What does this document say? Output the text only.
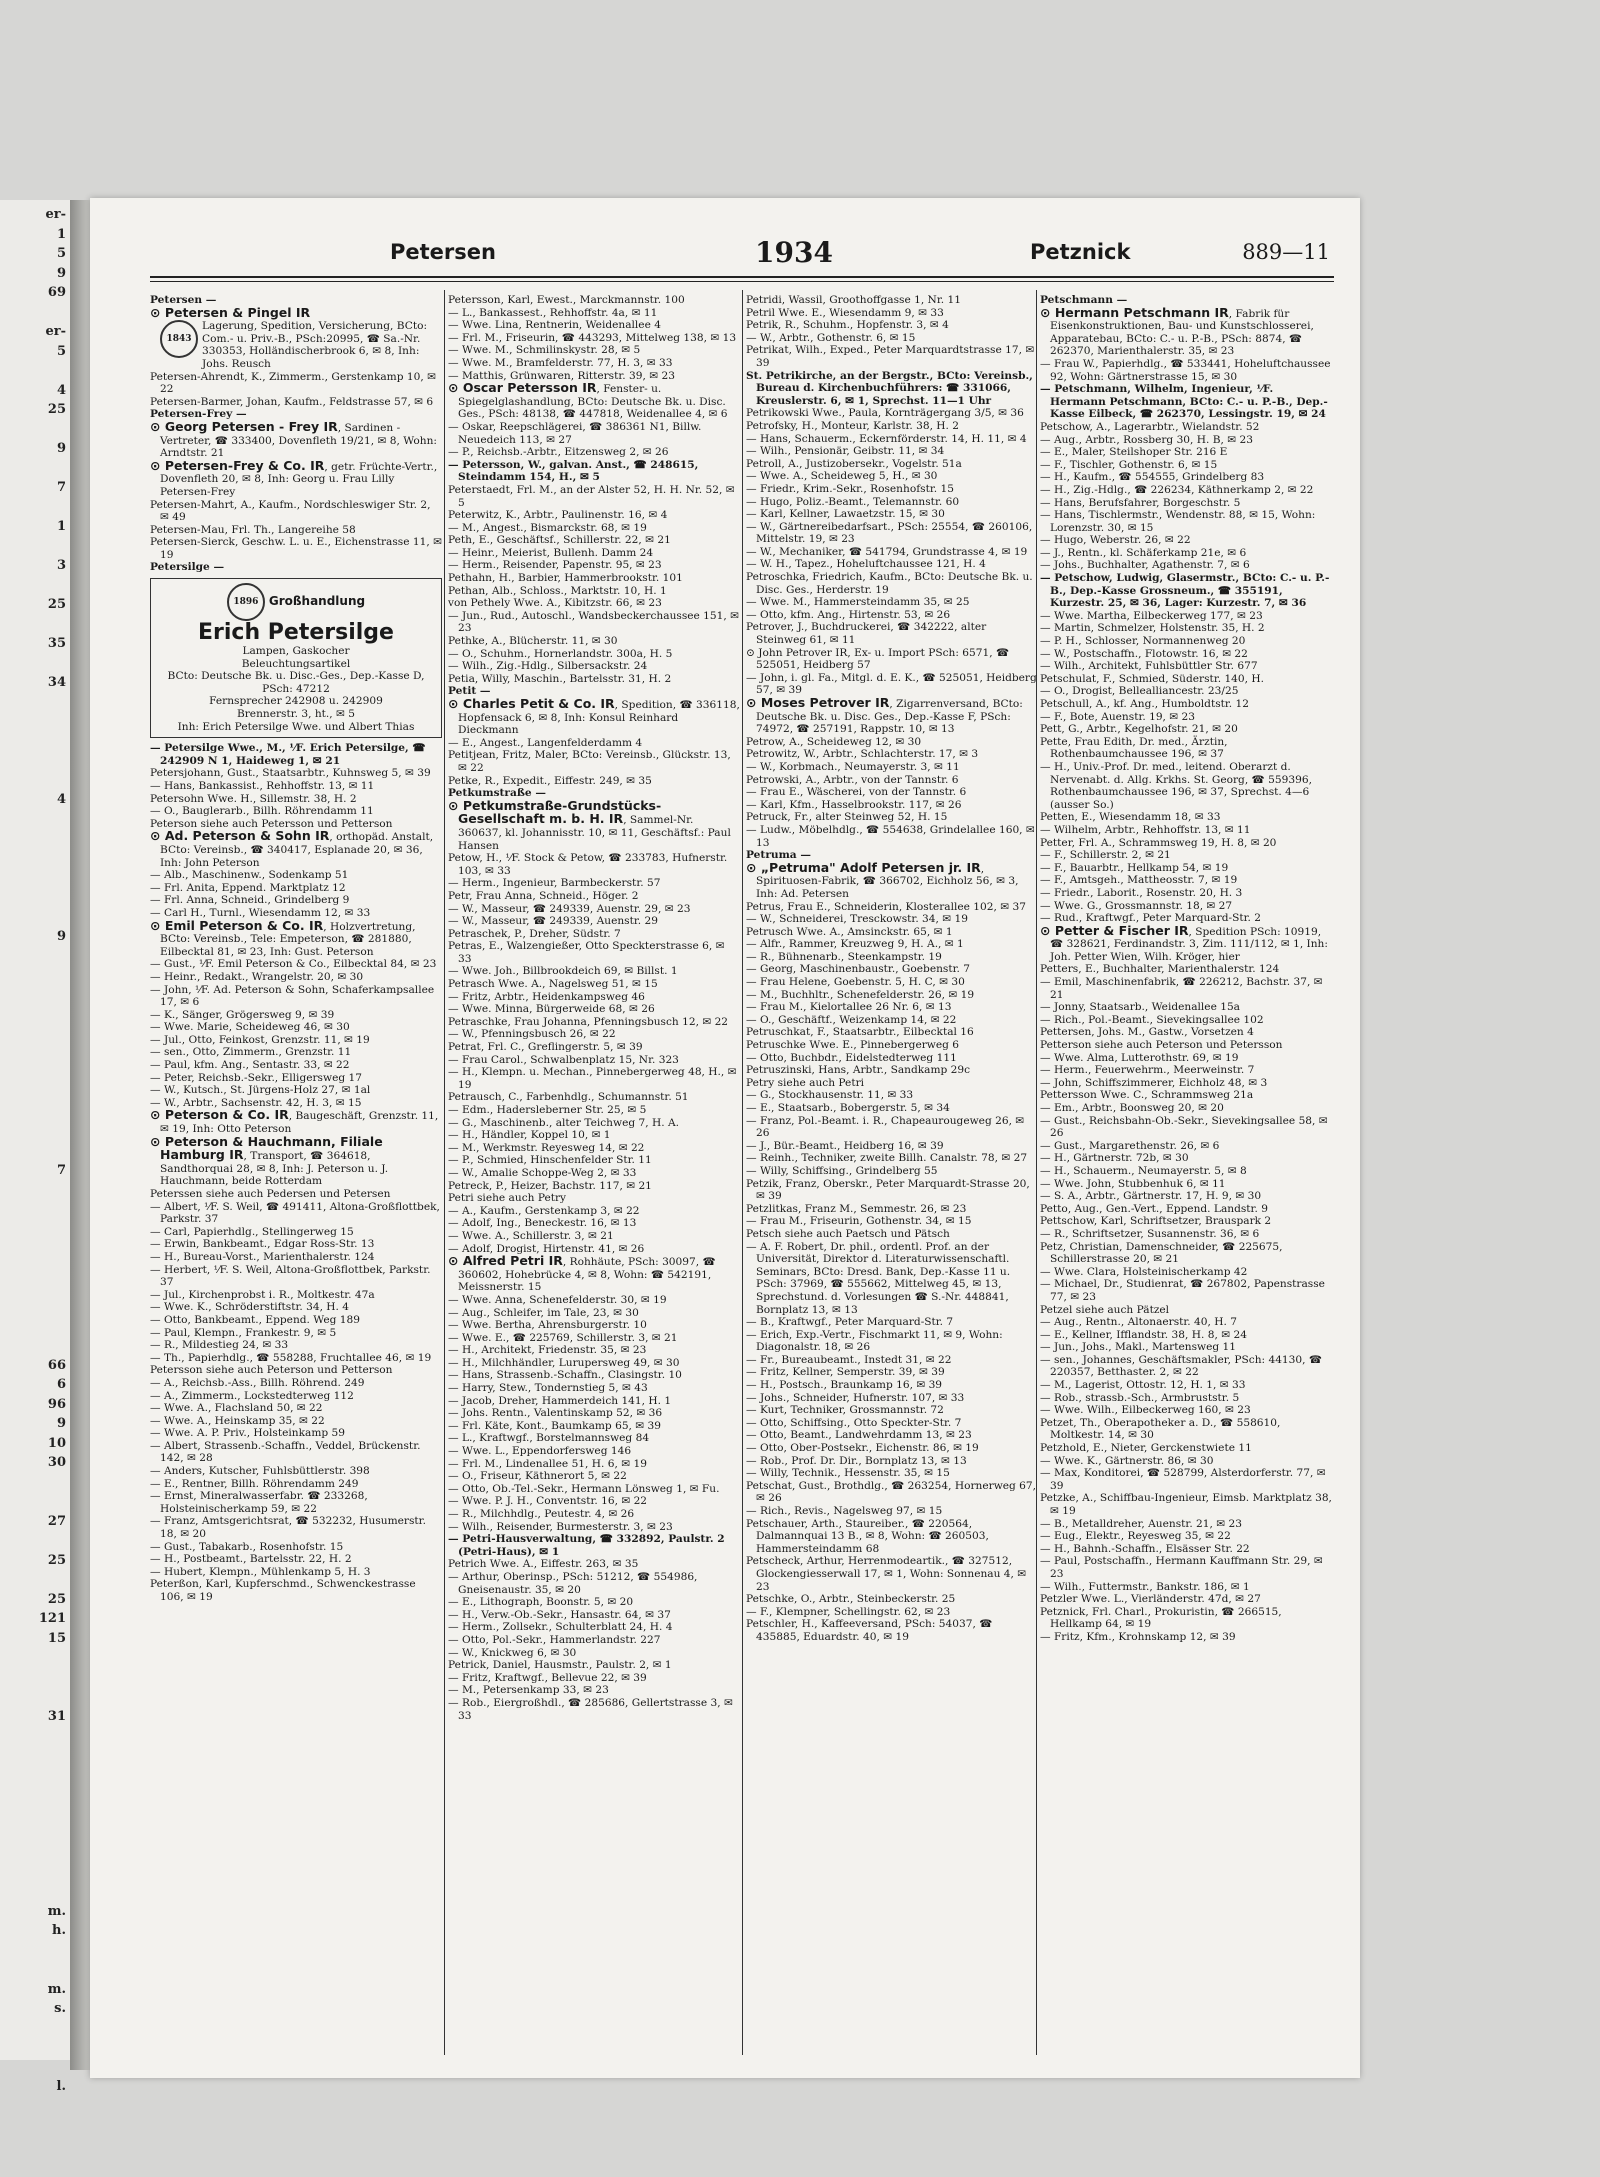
er-
1
5
9
69
er-
5
4
25
9
7
1
3
25
35
34
4
9
7
66
6
96
9
10
30
27
25
25
121
15
31
m.
h.
m.
s.
l.
Petersen	1934	Petznick	889—11

Petersen —

⊙ Petersen & Pingel IR

1843
Lagerung, Spedition, Versicherung, BCto: Com.- u. Priv.-B., PSch:20995, ☎ Sa.-Nr. 330353, Holländischerbrook 6, ✉ 8, Inh: Johs. Reusch

Petersen-Ahrendt, K., Zimmerm., Gerstenkamp 10, ✉ 22

Petersen-Barmer, Johan, Kaufm., Feldstrasse 57, ✉ 6

Petersen-Frey —

⊙ Georg Petersen - Frey IR, Sardinen - Vertreter, ☎ 333400, Dovenfleth 19/21, ✉ 8, Wohn: Arndtstr. 21

⊙ Petersen-Frey & Co. IR, getr. Früchte-Vertr., Dovenfleth 20, ✉ 8, Inh: Georg u. Frau Lilly Petersen-Frey

Petersen-Mahrt, A., Kaufm., Nordschleswiger Str. 2, ✉ 49

Petersen-Mau, Frl. Th., Langereihe 58

Petersen-Sierck, Geschw. L. u. E., Eichenstrasse 11, ✉ 19

Petersilge —

1896 Großhandlung
Erich Petersilge
Lampen, Gaskocher
Beleuchtungsartikel
BCto: Deutsche Bk. u. Disc.-Ges., Dep.-Kasse D, PSch: 47212
Fernsprecher 242908 u. 242909
Brennerstr. 3, ht., ✉ 5
Inh: Erich Petersilge Wwe. und Albert Thias

— Petersilge Wwe., M., ⅟F. Erich Petersilge, ☎ 242909 N 1, Haideweg 1, ✉ 21

Petersjohann, Gust., Staatsarbtr., Kuhnsweg 5, ✉ 39

— Hans, Bankassist., Rehhoffstr. 13, ✉ 11

Petersohn Wwe. H., Sillemstr. 38, H. 2

— O., Bauglerarb., Billh. Röhrendamm 11

Peterson siehe auch Petersson und Petterson

⊙ Ad. Peterson & Sohn IR, orthopäd. Anstalt, BCto: Vereinsb., ☎ 340417, Esplanade 20, ✉ 36, Inh: John Peterson

— Alb., Maschinenw., Sodenkamp 51

— Frl. Anita, Eppend. Marktplatz 12

— Frl. Anna, Schneid., Grindelberg 9

— Carl H., Turnl., Wiesendamm 12, ✉ 33

⊙ Emil Peterson & Co. IR, Holzvertretung, BCto: Vereinsb., Tele: Empeterson, ☎ 281880, Eilbecktal 81, ✉ 23, Inh: Gust. Peterson

— Gust., ⅟F. Emil Peterson & Co., Eilbecktal 84, ✉ 23

— Heinr., Redakt., Wrangelstr. 20, ✉ 30

— John, ⅟F. Ad. Peterson & Sohn, Schaferkampsallee 17, ✉ 6

— K., Sänger, Grögersweg 9, ✉ 39

— Wwe. Marie, Scheideweg 46, ✉ 30

— Jul., Otto, Feinkost, Grenzstr. 11, ✉ 19

— sen., Otto, Zimmerm., Grenzstr. 11

— Paul, kfm. Ang., Sentastr. 33, ✉ 22

— Peter, Reichsb.-Sekr., Elligersweg 17

— W., Kutsch., St. Jürgens-Holz 27, ✉ 1al

— W., Arbtr., Sachsenstr. 42, H. 3, ✉ 15

⊙ Peterson & Co. IR, Baugeschäft, Grenzstr. 11, ✉ 19, Inh: Otto Peterson

⊙ Peterson & Hauchmann, Filiale Hamburg IR, Transport, ☎ 364618, Sandthorquai 28, ✉ 8, Inh: J. Peterson u. J. Hauchmann, beide Rotterdam

Peterssen siehe auch Pedersen und Petersen

— Albert, ⅟F. S. Weil, ☎ 491411, Altona-Großflottbek, Parkstr. 37

— Carl, Papierhdlg., Stellingerweg 15

— Erwin, Bankbeamt., Edgar Ross-Str. 13

— H., Bureau-Vorst., Marienthalerstr. 124

— Herbert, ⅟F. S. Weil, Altona-Großflottbek, Parkstr. 37

— Jul., Kirchenprobst i. R., Moltkestr. 47a

— Wwe. K., Schröderstiftstr. 34, H. 4

— Otto, Bankbeamt., Eppend. Weg 189

— Paul, Klempn., Frankestr. 9, ✉ 5

— R., Mildestieg 24, ✉ 33

— Th., Papierhdlg., ☎ 558288, Fruchtallee 46, ✉ 19

Petersson siehe auch Peterson und Petterson

— A., Reichsb.-Ass., Billh. Röhrend. 249

— A., Zimmerm., Lockstedterweg 112

— Wwe. A., Flachsland 50, ✉ 22

— Wwe. A., Heinskamp 35, ✉ 22

— Wwe. A. P. Priv., Holsteinkamp 59

— Albert, Strassenb.-Schaffn., Veddel, Brückenstr. 142, ✉ 28

— Anders, Kutscher, Fuhlsbüttlerstr. 398

— E., Rentner, Billh. Röhrendamm 249

— Ernst, Mineralwasserfabr. ☎ 233268, Holsteinischerkamp 59, ✉ 22

— Franz, Amtsgerichtsrat, ☎ 532232, Husumerstr. 18, ✉ 20

— Gust., Tabakarb., Rosenhofstr. 15

— H., Postbeamt., Bartelsstr. 22, H. 2

— Hubert, Klempn., Mühlenkamp 5, H. 3

Peterßon, Karl, Kupferschmd., Schwenckestrasse 106, ✉ 19

Petersson, Karl, Ewest., Marckmannstr. 100

— L., Bankassest., Rehhoffstr. 4a, ✉ 11

— Wwe. Lina, Rentnerin, Weidenallee 4

— Frl. M., Friseurin, ☎ 443293, Mittelweg 138, ✉ 13

— Wwe. M., Schmilinskystr. 28, ✉ 5

— Wwe. M., Bramfelderstr. 77, H. 3, ✉ 33

— Matthis, Grünwaren, Ritterstr. 39, ✉ 23

⊙ Oscar Petersson IR, Fenster- u. Spiegelglashandlung, BCto: Deutsche Bk. u. Disc. Ges., PSch: 48138, ☎ 447818, Weidenallee 4, ✉ 6

— Oskar, Reepschlägerei, ☎ 386361 N1, Billw. Neuedeich 113, ✉ 27

— P., Reichsb.-Arbtr., Eitzensweg 2, ✉ 26

— Petersson, W., galvan. Anst., ☎ 248615, Steindamm 154, H., ✉ 5

Peterstaedt, Frl. M., an der Alster 52, H. H. Nr. 52, ✉ 5

Peterwitz, K., Arbtr., Paulinenstr. 16, ✉ 4

— M., Angest., Bismarckstr. 68, ✉ 19

Peth, E., Geschäftsf., Schillerstr. 22, ✉ 21

— Heinr., Meierist, Bullenh. Damm 24

— Herm., Reisender, Papenstr. 95, ✉ 23

Pethahn, H., Barbier, Hammerbrookstr. 101

Pethan, Alb., Schloss., Marktstr. 10, H. 1

von Pethely Wwe. A., Kibitzstr. 66, ✉ 23

— Jun., Rud., Autoschl., Wandsbeckerchaussee 151, ✉ 23

Pethke, A., Blücherstr. 11, ✉ 30

— O., Schuhm., Hornerlandstr. 300a, H. 5

— Wilh., Zig.-Hdlg., Silbersackstr. 24

Petia, Willy, Maschin., Bartelsstr. 31, H. 2

Petit —

⊙ Charles Petit & Co. IR, Spedition, ☎ 336118, Hopfensack 6, ✉ 8, Inh: Konsul Reinhard Dieckmann

— E., Angest., Langenfelderdamm 4

Petitjean, Fritz, Maler, BCto: Vereinsb., Glückstr. 13, ✉ 22

Petke, R., Expedit., Eiffestr. 249, ✉ 35

Petkumstraße —

⊙ Petkumstraße-Grundstücks-Gesellschaft m. b. H. IR, Sammel-Nr. 360637, kl. Johannisstr. 10, ✉ 11, Geschäftsf.: Paul Hansen

Petow, H., ⅟F. Stock & Petow, ☎ 233783, Hufnerstr. 103, ✉ 33

— Herm., Ingenieur, Barmbeckerstr. 57

Petr, Frau Anna, Schneid., Höger. 2

— W., Masseur, ☎ 249339, Auenstr. 29, ✉ 23

— W., Masseur, ☎ 249339, Auenstr. 29

Petraschek, P., Dreher, Südstr. 7

Petras, E., Walzengießer, Otto Speckterstrasse 6, ✉ 33

— Wwe. Joh., Billbrookdeich 69, ✉ Billst. 1

Petrasch Wwe. A., Nagelsweg 51, ✉ 15

— Fritz, Arbtr., Heidenkampsweg 46

— Wwe. Minna, Bürgerweide 68, ✉ 26

Petraschke, Frau Johanna, Pfenningsbusch 12, ✉ 22

— W., Pfenningsbusch 26, ✉ 22

Petrat, Frl. C., Greflingerstr. 5, ✉ 39

— Frau Carol., Schwalbenplatz 15, Nr. 323

— H., Klempn. u. Mechan., Pinnebergerweg 48, H., ✉ 19

Petrausch, C., Farbenhdlg., Schumannstr. 51

— Edm., Hadersleberner Str. 25, ✉ 5

— G., Maschinenb., alter Teichweg 7, H. A.

— H., Händler, Koppel 10, ✉ 1

— M., Werkmstr. Reyesweg 14, ✉ 22

— P., Schmied, Hinschenfelder Str. 11

— W., Amalie Schoppe-Weg 2, ✉ 33

Petreck, P., Heizer, Bachstr. 117, ✉ 21

Petri siehe auch Petry

— A., Kaufm., Gerstenkamp 3, ✉ 22

— Adolf, Ing., Beneckestr. 16, ✉ 13

— Wwe. A., Schillerstr. 3, ✉ 21

— Adolf, Drogist, Hirtenstr. 41, ✉ 26

⊙ Alfred Petri IR, Rohhäute, PSch: 30097, ☎ 360602, Hohebrücke 4, ✉ 8, Wohn: ☎ 542191, Meissnerstr. 15

— Wwe. Anna, Schenefelderstr. 30, ✉ 19

— Aug., Schleifer, im Tale, 23, ✉ 30

— Wwe. Bertha, Ahrensburgerstr. 10

— Wwe. E., ☎ 225769, Schillerstr. 3, ✉ 21

— H., Architekt, Friedenstr. 35, ✉ 23

— H., Milchhändler, Lurupersweg 49, ✉ 30

— Hans, Strassenb.-Schaffn., Clasingstr. 10

— Harry, Stew., Tondernstieg 5, ✉ 43

— Jacob, Dreher, Hammerdeich 141, H. 1

— Johs. Rentn., Valentinskamp 52, ✉ 36

— Frl. Käte, Kont., Baumkamp 65, ✉ 39

— L., Kraftwgf., Borstelmannsweg 84

— Wwe. L., Eppendorfersweg 146

— Frl. M., Lindenallee 51, H. 6, ✉ 19

— O., Friseur, Käthnerort 5, ✉ 22

— Otto, Ob.-Tel.-Sekr., Hermann Lönsweg 1, ✉ Fu.

— Wwe. P. J. H., Conventstr. 16, ✉ 22

— R., Milchhdlg., Peutestr. 4, ✉ 26

— Wilh., Reisender, Burmesterstr. 3, ✉ 23

— Petri-Hausverwaltung, ☎ 332892, Paulstr. 2 (Petri-Haus), ✉ 1

Petrich Wwe. A., Eiffestr. 263, ✉ 35

— Arthur, Oberinsp., PSch: 51212, ☎ 554986, Gneisenaustr. 35, ✉ 20

— E., Lithograph, Boonstr. 5, ✉ 20

— H., Verw.-Ob.-Sekr., Hansastr. 64, ✉ 37

— Herm., Zollsekr., Schulterblatt 24, H. 4

— Otto, Pol.-Sekr., Hammerlandstr. 227

— W., Knickweg 6, ✉ 30

Petrick, Daniel, Hausmstr., Paulstr. 2, ✉ 1

— Fritz, Kraftwgf., Bellevue 22, ✉ 39

— M., Petersenkamp 33, ✉ 23

— Rob., Eiergroßhdl., ☎ 285686, Gellertstrasse 3, ✉ 33

Petridi, Wassil, Groothoffgasse 1, Nr. 11

Petril Wwe. E., Wiesendamm 9, ✉ 33

Petrik, R., Schuhm., Hopfenstr. 3, ✉ 4

— W., Arbtr., Gothenstr. 6, ✉ 15

Petrikat, Wilh., Exped., Peter Marquardtstrasse 17, ✉ 39

St. Petrikirche, an der Bergstr., BCto: Vereinsb., Bureau d. Kirchenbuchführers: ☎ 331066, Kreuslerstr. 6, ✉ 1, Sprechst. 11—1 Uhr

Petrikowski Wwe., Paula, Kornträgergang 3/5, ✉ 36

Petrofsky, H., Monteur, Karlstr. 38, H. 2

— Hans, Schauerm., Eckernförderstr. 14, H. 11, ✉ 4

— Wilh., Pensionär, Geibstr. 11, ✉ 34

Petroll, A., Justizobersekr., Vogelstr. 51a

— Wwe. A., Scheideweg 5, H., ✉ 30

— Friedr., Krim.-Sekr., Rosenhofstr. 15

— Hugo, Poliz.-Beamt., Telemannstr. 60

— Karl, Kellner, Lawaetzstr. 15, ✉ 30

— W., Gärtnereibedarfsart., PSch: 25554, ☎ 260106, Mittelstr. 19, ✉ 23

— W., Mechaniker, ☎ 541794, Grundstrasse 4, ✉ 19

— W. H., Tapez., Hoheluftchaussee 121, H. 4

Petroschka, Friedrich, Kaufm., BCto: Deutsche Bk. u. Disc. Ges., Herderstr. 19

— Wwe. M., Hammersteindamm 35, ✉ 25

— Otto, kfm. Ang., Hirtenstr. 53, ✉ 26

Petrover, J., Buchdruckerei, ☎ 342222, alter Steinweg 61, ✉ 11

⊙ John Petrover IR, Ex- u. Import PSch: 6571, ☎ 525051, Heidberg 57

— John, i. gl. Fa., Mitgl. d. E. K., ☎ 525051, Heidberg 57, ✉ 39

⊙ Moses Petrover IR, Zigarrenversand, BCto: Deutsche Bk. u. Disc. Ges., Dep.-Kasse F, PSch: 74972, ☎ 257191, Rappstr. 10, ✉ 13

Petrow, A., Scheideweg 12, ✉ 30

Petrowitz, W., Arbtr., Schlachterstr. 17, ✉ 3

— W., Korbmach., Neumayerstr. 3, ✉ 11

Petrowski, A., Arbtr., von der Tannstr. 6

— Frau E., Wäscherei, von der Tannstr. 6

— Karl, Kfm., Hasselbrookstr. 117, ✉ 26

Petruck, Fr., alter Steinweg 52, H. 15

— Ludw., Möbelhdlg., ☎ 554638, Grindelallee 160, ✉ 13

Petruma —

⊙ „Petruma" Adolf Petersen jr. IR, Spirituosen-Fabrik, ☎ 366702, Eichholz 56, ✉ 3, Inh: Ad. Petersen

Petrus, Frau E., Schneiderin, Klosterallee 102, ✉ 37

— W., Schneiderei, Tresckowstr. 34, ✉ 19

Petrusch Wwe. A., Amsinckstr. 65, ✉ 1

— Alfr., Rammer, Kreuzweg 9, H. A., ✉ 1

— R., Bühnenarb., Steenkampstr. 19

— Georg, Maschinenbaustr., Goebenstr. 7

— Frau Helene, Goebenstr. 5, H. C, ✉ 30

— M., Buchhltr., Schenefelderstr. 26, ✉ 19

— Frau M., Kielortallee 26 Nr. 6, ✉ 13

— O., Geschäftf., Weizenkamp 14, ✉ 22

Petruschkat, F., Staatsarbtr., Eilbecktal 16

Petruschke Wwe. E., Pinnebergerweg 6

— Otto, Buchbdr., Eidelstedterweg 111

Petruszinski, Hans, Arbtr., Sandkamp 29c

Petry siehe auch Petri

— G., Stockhausenstr. 11, ✉ 33

— E., Staatsarb., Bobergerstr. 5, ✉ 34

— Franz, Pol.-Beamt. i. R., Chapeaurougeweg 26, ✉ 26

— J., Bür.-Beamt., Heidberg 16, ✉ 39

— Reinh., Techniker, zweite Billh. Canalstr. 78, ✉ 27

— Willy, Schiffsing., Grindelberg 55

Petzik, Franz, Oberskr., Peter Marquardt-Strasse 20, ✉ 39

Petzlitkas, Franz M., Semmestr. 26, ✉ 23

— Frau M., Friseurin, Gothenstr. 34, ✉ 15

Petsch siehe auch Paetsch und Pätsch

— A. F. Robert, Dr. phil., ordentl. Prof. an der Universität, Direktor d. Literaturwissenschaftl. Seminars, BCto: Dresd. Bank, Dep.-Kasse 11 u. PSch: 37969, ☎ 555662, Mittelweg 45, ✉ 13, Sprechstund. d. Vorlesungen ☎ S.-Nr. 448841, Bornplatz 13, ✉ 13

— B., Kraftwgf., Peter Marquard-Str. 7

— Erich, Exp.-Vertr., Fischmarkt 11, ✉ 9, Wohn: Diagonalstr. 18, ✉ 26

— Fr., Bureaubeamt., Instedt 31, ✉ 22

— Fritz, Kellner, Semperstr. 39, ✉ 39

— H., Postsch., Braunkamp 16, ✉ 39

— Johs., Schneider, Hufnerstr. 107, ✉ 33

— Kurt, Techniker, Grossmannstr. 72

— Otto, Schiffsing., Otto Speckter-Str. 7

— Otto, Beamt., Landwehrdamm 13, ✉ 23

— Otto, Ober-Postsekr., Eichenstr. 86, ✉ 19

— Rob., Prof. Dr. Dir., Bornplatz 13, ✉ 13

— Willy, Technik., Hessenstr. 35, ✉ 15

Petschat, Gust., Brothdlg., ☎ 263254, Hornerweg 67, ✉ 26

— Rich., Revis., Nagelsweg 97, ✉ 15

Petschauer, Arth., Staureiber., ☎ 220564, Dalmannquai 13 B., ✉ 8, Wohn: ☎ 260503, Hammersteindamm 68

Petscheck, Arthur, Herrenmodeartik., ☎ 327512, Glockengiesserwall 17, ✉ 1, Wohn: Sonnenau 4, ✉ 23

Petschke, O., Arbtr., Steinbeckerstr. 25

— F., Klempner, Schellingstr. 62, ✉ 23

Petschler, H., Kaffeeversand, PSch: 54037, ☎ 435885, Eduardstr. 40, ✉ 19

Petschmann —

⊙ Hermann Petschmann IR, Fabrik für Eisenkonstruktionen, Bau- und Kunstschlosserei, Apparatebau, BCto: C.- u. P.-B., PSch: 8874, ☎ 262370, Marienthalerstr. 35, ✉ 23

— Frau W., Papierhdlg., ☎ 533441, Hoheluftchaussee 92, Wohn: Gärtnerstrasse 15, ✉ 30

— Petschmann, Wilhelm, Ingenieur, ⅟F. Hermann Petschmann, BCto: C.- u. P.-B., Dep.-Kasse Eilbeck, ☎ 262370, Lessingstr. 19, ✉ 24

Petschow, A., Lagerarbtr., Wielandstr. 52

— Aug., Arbtr., Rossberg 30, H. B, ✉ 23

— E., Maler, Steilshoper Str. 216 E

— F., Tischler, Gothenstr. 6, ✉ 15

— H., Kaufm., ☎ 554555, Grindelberg 83

— H., Zig.-Hdlg., ☎ 226234, Käthnerkamp 2, ✉ 22

— Hans, Berufsfahrer, Borgeschstr. 5

— Hans, Tischlermstr., Wendenstr. 88, ✉ 15, Wohn: Lorenzstr. 30, ✉ 15

— Hugo, Weberstr. 26, ✉ 22

— J., Rentn., kl. Schäferkamp 21e, ✉ 6

— Johs., Buchhalter, Agathenstr. 7, ✉ 6

— Petschow, Ludwig, Glasermstr., BCto: C.- u. P.-B., Dep.-Kasse Grossneum., ☎ 355191, Kurzestr. 25, ✉ 36, Lager: Kurzestr. 7, ✉ 36

— Wwe. Martha, Eilbeckerweg 177, ✉ 23

— Martin, Schmelzer, Holstenstr. 35, H. 2

— P. H., Schlosser, Normannenweg 20

— W., Postschaffn., Flotowstr. 16, ✉ 22

— Wilh., Architekt, Fuhlsbüttler Str. 677

Petschulat, F., Schmied, Süderstr. 140, H.

— O., Drogist, Bellealliancestr. 23/25

Petschull, A., kf. Ang., Humboldtstr. 12

— F., Bote, Auenstr. 19, ✉ 23

Pett, G., Arbtr., Kegelhofstr. 21, ✉ 20

Pette, Frau Edith, Dr. med., Ärztin, Rothenbaumchaussee 196, ✉ 37

— H., Univ.-Prof. Dr. med., leitend. Oberarzt d. Nervenabt. d. Allg. Krkhs. St. Georg, ☎ 559396, Rothenbaumchaussee 196, ✉ 37, Sprechst. 4—6 (ausser So.)

Petten, E., Wiesendamm 18, ✉ 33

— Wilhelm, Arbtr., Rehhoffstr. 13, ✉ 11

Petter, Frl. A., Schrammsweg 19, H. 8, ✉ 20

— F., Schillerstr. 2, ✉ 21

— F., Bauarbtr., Hellkamp 54, ✉ 19

— F., Amtsgeh., Mattheosstr. 7, ✉ 19

— Friedr., Laborit., Rosenstr. 20, H. 3

— Wwe. G., Grossmannstr. 18, ✉ 27

— Rud., Kraftwgf., Peter Marquard-Str. 2

⊙ Petter & Fischer IR, Spedition PSch: 10919, ☎ 328621, Ferdinandstr. 3, Zim. 111/112, ✉ 1, Inh: Joh. Petter Wien, Wilh. Kröger, hier

Petters, E., Buchhalter, Marienthalerstr. 124

— Emil, Maschinenfabrik, ☎ 226212, Bachstr. 37, ✉ 21

— Jonny, Staatsarb., Weidenallee 15a

— Rich., Pol.-Beamt., Sievekingsallee 102

Pettersen, Johs. M., Gastw., Vorsetzen 4

Petterson siehe auch Peterson und Petersson

— Wwe. Alma, Lutterothstr. 69, ✉ 19

— Herm., Feuerwehrm., Meerweinstr. 7

— John, Schiffszimmerer, Eichholz 48, ✉ 3

Pettersson Wwe. C., Schrammsweg 21a

— Em., Arbtr., Boonsweg 20, ✉ 20

— Gust., Reichsbahn-Ob.-Sekr., Sievekingsallee 58, ✉ 26

— Gust., Margarethenstr. 26, ✉ 6

— H., Gärtnerstr. 72b, ✉ 30

— H., Schauerm., Neumayerstr. 5, ✉ 8

— Wwe. John, Stubbenhuk 6, ✉ 11

— S. A., Arbtr., Gärtnerstr. 17, H. 9, ✉ 30

Petto, Aug., Gen.-Vert., Eppend. Landstr. 9

Pettschow, Karl, Schriftsetzer, Brauspark 2

— R., Schriftsetzer, Susannenstr. 36, ✉ 6

Petz, Christian, Damenschneider, ☎ 225675, Schillerstrasse 20, ✉ 21

— Wwe. Clara, Holsteinischerkamp 42

— Michael, Dr., Studienrat, ☎ 267802, Papenstrasse 77, ✉ 23

Petzel siehe auch Pätzel

— Aug., Rentn., Altonaerstr. 40, H. 7

— E., Kellner, Ifflandstr. 38, H. 8, ✉ 24

— Jun., Johs., Makl., Martensweg 11

— sen., Johannes, Geschäftsmakler, PSch: 44130, ☎ 220357, Betthaster. 2, ✉ 22

— M., Lagerist, Ottostr. 12, H. 1, ✉ 33

— Rob., strassb.-Sch., Armbruststr. 5

— Wwe. Wilh., Eilbeckerweg 160, ✉ 23

Petzet, Th., Oberapotheker a. D., ☎ 558610, Moltkestr. 14, ✉ 30

Petzhold, E., Nieter, Gerckenstwiete 11

— Wwe. K., Gärtnerstr. 86, ✉ 30

— Max, Konditorei, ☎ 528799, Alsterdorferstr. 77, ✉ 39

Petzke, A., Schiffbau-Ingenieur, Eimsb. Marktplatz 38, ✉ 19

— B., Metalldreher, Auenstr. 21, ✉ 23

— Eug., Elektr., Reyesweg 35, ✉ 22

— H., Bahnh.-Schaffn., Elsässer Str. 22

— Paul, Postschaffn., Hermann Kauffmann Str. 29, ✉ 23

— Wilh., Futtermstr., Bankstr. 186, ✉ 1

Petzler Wwe. L., Vierländerstr. 47d, ✉ 27

Petznick, Frl. Charl., Prokuristin, ☎ 266515, Hellkamp 64, ✉ 19

— Fritz, Kfm., Krohnskamp 12, ✉ 39
